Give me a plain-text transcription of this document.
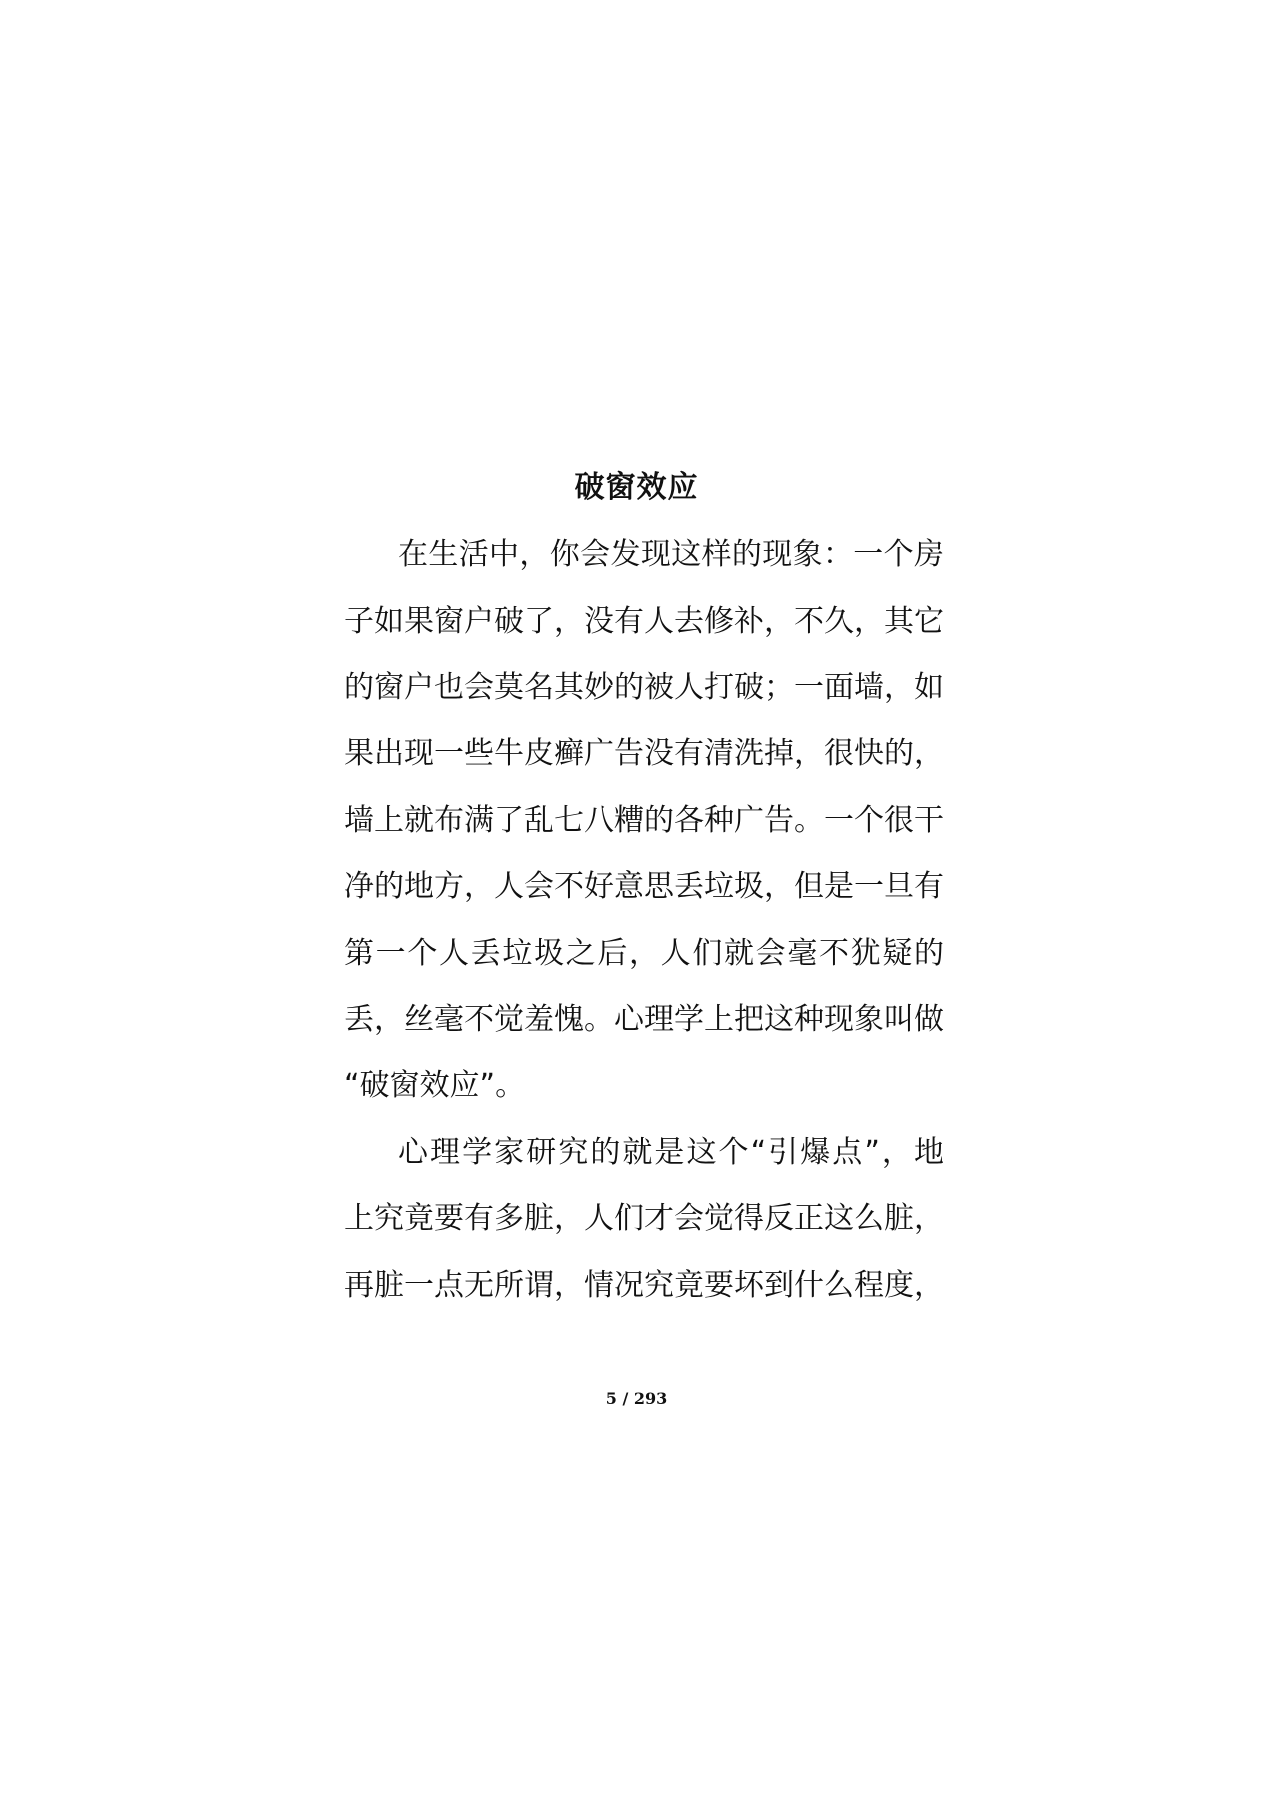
破窗效应
在生活中，你会发现这样的现象：一个房
子如果窗户破了，没有人去修补，不久，其它
的窗户也会莫名其妙的被人打破；一面墙，如
果出现一些牛皮癣广告没有清洗掉，很快的，
墙上就布满了乱七八糟的各种广告。一个很干
净的地方，人会不好意思丢垃圾，但是一旦有
第一个人丢垃圾之后，人们就会毫不犹疑的
丢，丝毫不觉羞愧。心理学上把这种现象叫做
“破窗效应”。
心理学家研究的就是这个“引爆点”，地
上究竟要有多脏，人们才会觉得反正这么脏，
再脏一点无所谓，情况究竟要坏到什么程度，
5 / 293
